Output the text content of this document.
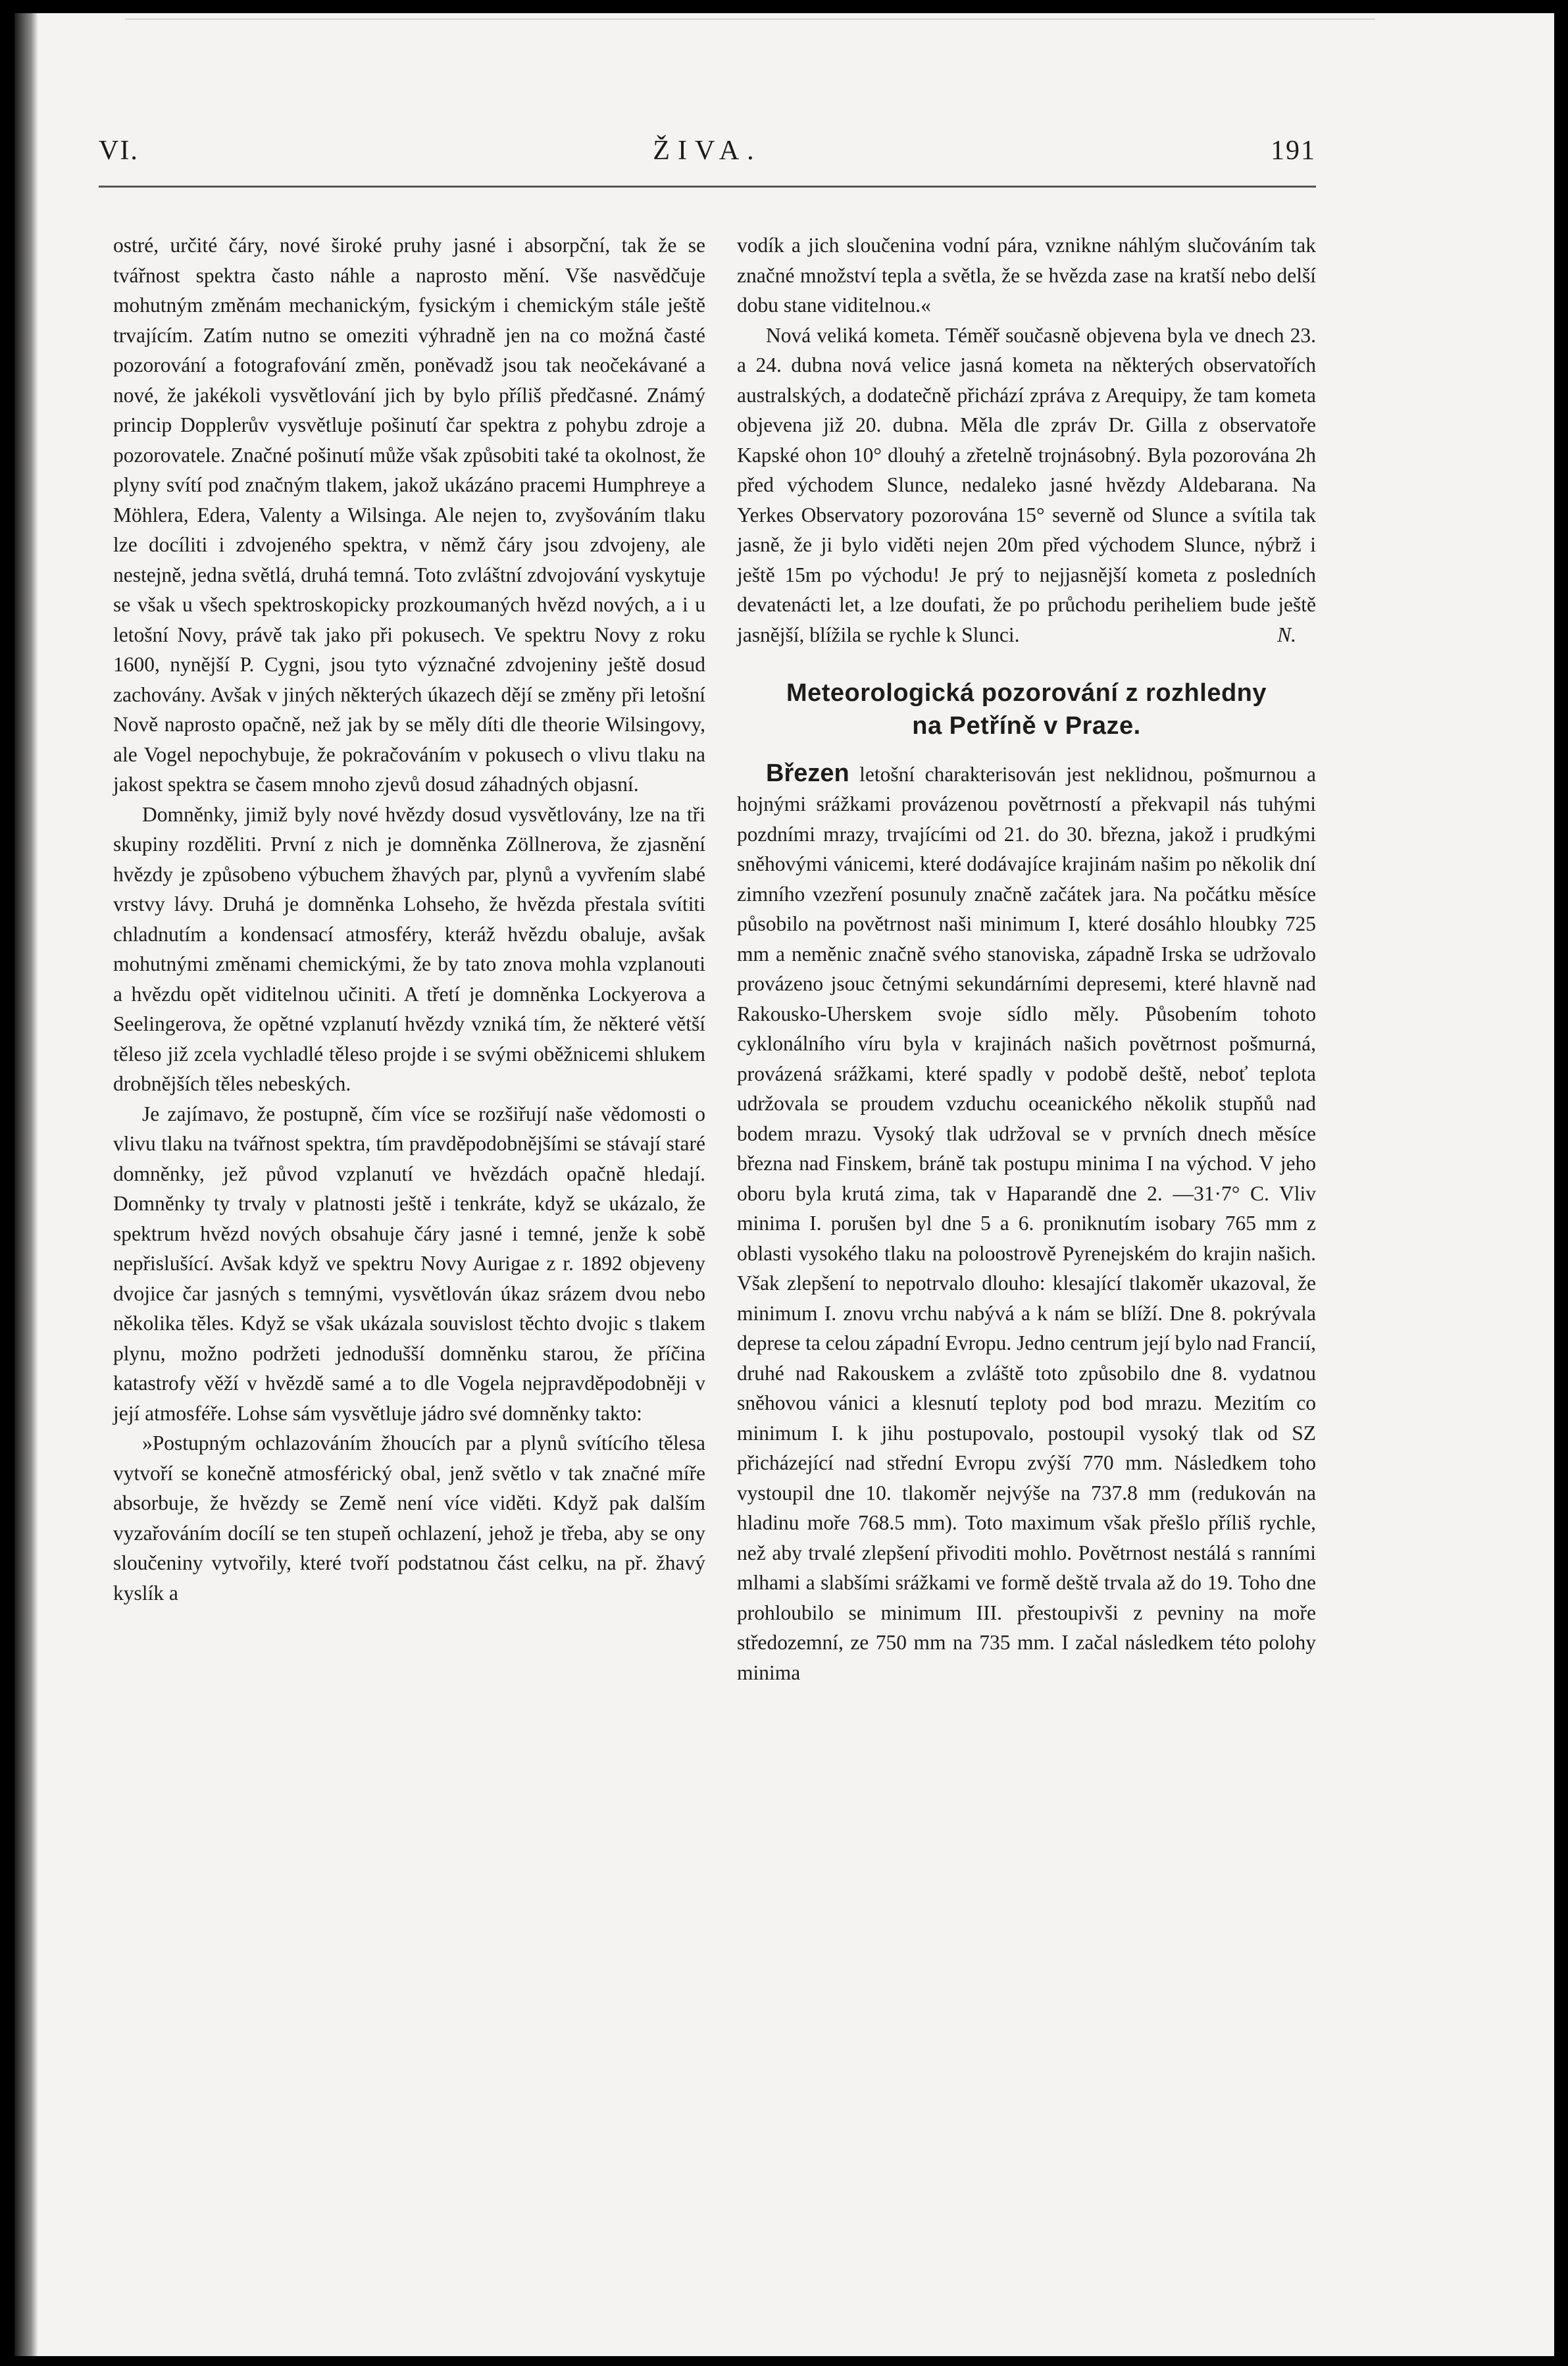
VI.	ŽIVA.	191

ostré, určité čáry, nové široké pruhy jasné i absorpční, tak že se tvářnost spektra často náhle a naprosto mění. Vše nasvědčuje mohutným změnám mechanickým, fysickým i chemickým stále ještě trvajícím. Zatím nutno se omeziti výhradně jen na co možná časté pozorování a fotografování změn, poněvadž jsou tak neočekávané a nové, že jakékoli vysvětlování jich by bylo příliš předčasné. Známý princip Dopplerův vysvětluje pošinutí čar spektra z pohybu zdroje a pozorovatele. Značné pošinutí může však způsobiti také ta okolnost, že plyny svítí pod značným tlakem, jakož ukázáno pracemi Humphreye a Möhlera, Edera, Valenty a Wilsinga. Ale nejen to, zvyšováním tlaku lze docíliti i zdvojeného spektra, v němž čáry jsou zdvojeny, ale nestejně, jedna světlá, druhá temná. Toto zvláštní zdvojování vyskytuje se však u všech spektroskopicky prozkoumaných hvězd nových, a i u letošní Novy, právě tak jako při pokusech. Ve spektru Novy z roku 1600, nynější P. Cygni, jsou tyto význačné zdvojeniny ještě dosud zachovány. Avšak v jiných některých úkazech dějí se změny při letošní Nově naprosto opačně, než jak by se měly díti dle theorie Wilsingovy, ale Vogel nepochybuje, že pokračováním v pokusech o vlivu tlaku na jakost spektra se časem mnoho zjevů dosud záhadných objasní.

Domněnky, jimiž byly nové hvězdy dosud vysvětlovány, lze na tři skupiny rozděliti. První z nich je domněnka Zöllnerova, že zjasnění hvězdy je způsobeno výbuchem žhavých par, plynů a vyvřením slabé vrstvy lávy. Druhá je domněnka Lohseho, že hvězda přestala svítiti chladnutím a kondensací atmosféry, kteráž hvězdu obaluje, avšak mohutnými změnami chemickými, že by tato znova mohla vzplanouti a hvězdu opět viditelnou učiniti. A třetí je domněnka Lockyerova a Seelingerova, že opětné vzplanutí hvězdy vzniká tím, že některé větší těleso již zcela vychladlé těleso projde i se svými oběžnicemi shlukem drobnějších těles nebeských.

Je zajímavo, že postupně, čím více se rozšiřují naše vědomosti o vlivu tlaku na tvářnost spektra, tím pravděpodobnějšími se stávají staré domněnky, jež původ vzplanutí ve hvězdách opačně hledají. Domněnky ty trvaly v platnosti ještě i tenkráte, když se ukázalo, že spektrum hvězd nových obsahuje čáry jasné i temné, jenže k sobě nepřislušící. Avšak když ve spektru Novy Aurigae z r. 1892 objeveny dvojice čar jasných s temnými, vysvětlován úkaz srázem dvou nebo několika těles. Když se však ukázala souvislost těchto dvojic s tlakem plynu, možno podržeti jednodušší domněnku starou, že příčina katastrofy věží v hvězdě samé a to dle Vogela nejpravděpodobněji v její atmosféře. Lohse sám vysvětluje jádro své domněnky takto:

»Postupným ochlazováním žhoucích par a plynů svítícího tělesa vytvoří se konečně atmosférický obal, jenž světlo v tak značné míře absorbuje, že hvězdy se Země není více viděti. Když pak dalším vyzařováním docílí se ten stupeň ochlazení, jehož je třeba, aby se ony sloučeniny vytvořily, které tvoří podstatnou část celku, na př. žhavý kyslík a

vodík a jich sloučenina vodní pára, vznikne náhlým slučováním tak značné množství tepla a světla, že se hvězda zase na kratší nebo delší dobu stane viditelnou.«

Nová veliká kometa. Téměř současně objevena byla ve dnech 23. a 24. dubna nová velice jasná kometa na některých observatořích australských, a dodatečně přichází zpráva z Arequipy, že tam kometa objevena již 20. dubna. Měla dle zpráv Dr. Gilla z observatoře Kapské ohon 10° dlouhý a zřetelně trojnásobný. Byla pozorována 2h před východem Slunce, nedaleko jasné hvězdy Aldebarana. Na Yerkes Observatory pozorována 15° severně od Slunce a svítila tak jasně, že ji bylo viděti nejen 20m před východem Slunce, nýbrž i ještě 15m po východu! Je prý to nejjasnější kometa z posledních devatenácti let, a lze doufati, že po průchodu periheliem bude ještě jasnější, blížila se rychle k Slunci.	N.
Meteorologická pozorování z rozhledny
na Petříně v Praze.

Březen letošní charakterisován jest neklidnou, pošmurnou a hojnými srážkami provázenou povětrností a překvapil nás tuhými pozdními mrazy, trvajícími od 21. do 30. března, jakož i prudkými sněhovými vánicemi, které dodávajíce krajinám našim po několik dní zimního vzezření posunuly značně začátek jara. Na počátku měsíce působilo na povětrnost naši minimum I, které dosáhlo hloubky 725 mm a neměnic značně svého stanoviska, západně Irska se udržovalo provázeno jsouc četnými sekundárními depresemi, které hlavně nad Rakousko-Uherskem svoje sídlo měly. Působením tohoto cyklonálního víru byla v krajinách našich povětrnost pošmurná, provázená srážkami, které spadly v podobě deště, neboť teplota udržovala se proudem vzduchu oceanického několik stupňů nad bodem mrazu. Vysoký tlak udržoval se v prvních dnech měsíce března nad Finskem, bráně tak postupu minima I na východ. V jeho oboru byla krutá zima, tak v Haparandě dne 2. —31·7° C. Vliv minima I. porušen byl dne 5 a 6. proniknutím isobary 765 mm z oblasti vysokého tlaku na poloostrově Pyrenejském do krajin našich. Však zlepšení to nepotrvalo dlouho: klesající tlakoměr ukazoval, že minimum I. znovu vrchu nabývá a k nám se blíží. Dne 8. pokrývala deprese ta celou západní Evropu. Jedno centrum její bylo nad Francií, druhé nad Rakouskem a zvláště toto způsobilo dne 8. vydatnou sněhovou vánici a klesnutí teploty pod bod mrazu. Mezitím co minimum I. k jihu postupovalo, postoupil vysoký tlak od SZ přicházející nad střední Evropu zvýší 770 mm. Následkem toho vystoupil dne 10. tlakoměr nejvýše na 737.8 mm (redukován na hladinu moře 768.5 mm). Toto maximum však přešlo příliš rychle, než aby trvalé zlepšení přivoditi mohlo. Povětrnost nestálá s ranními mlhami a slabšími srážkami ve formě deště trvala až do 19. Toho dne prohloubilo se minimum III. přestoupivši z pevniny na moře středozemní, ze 750 mm na 735 mm. I začal následkem této polohy minima
